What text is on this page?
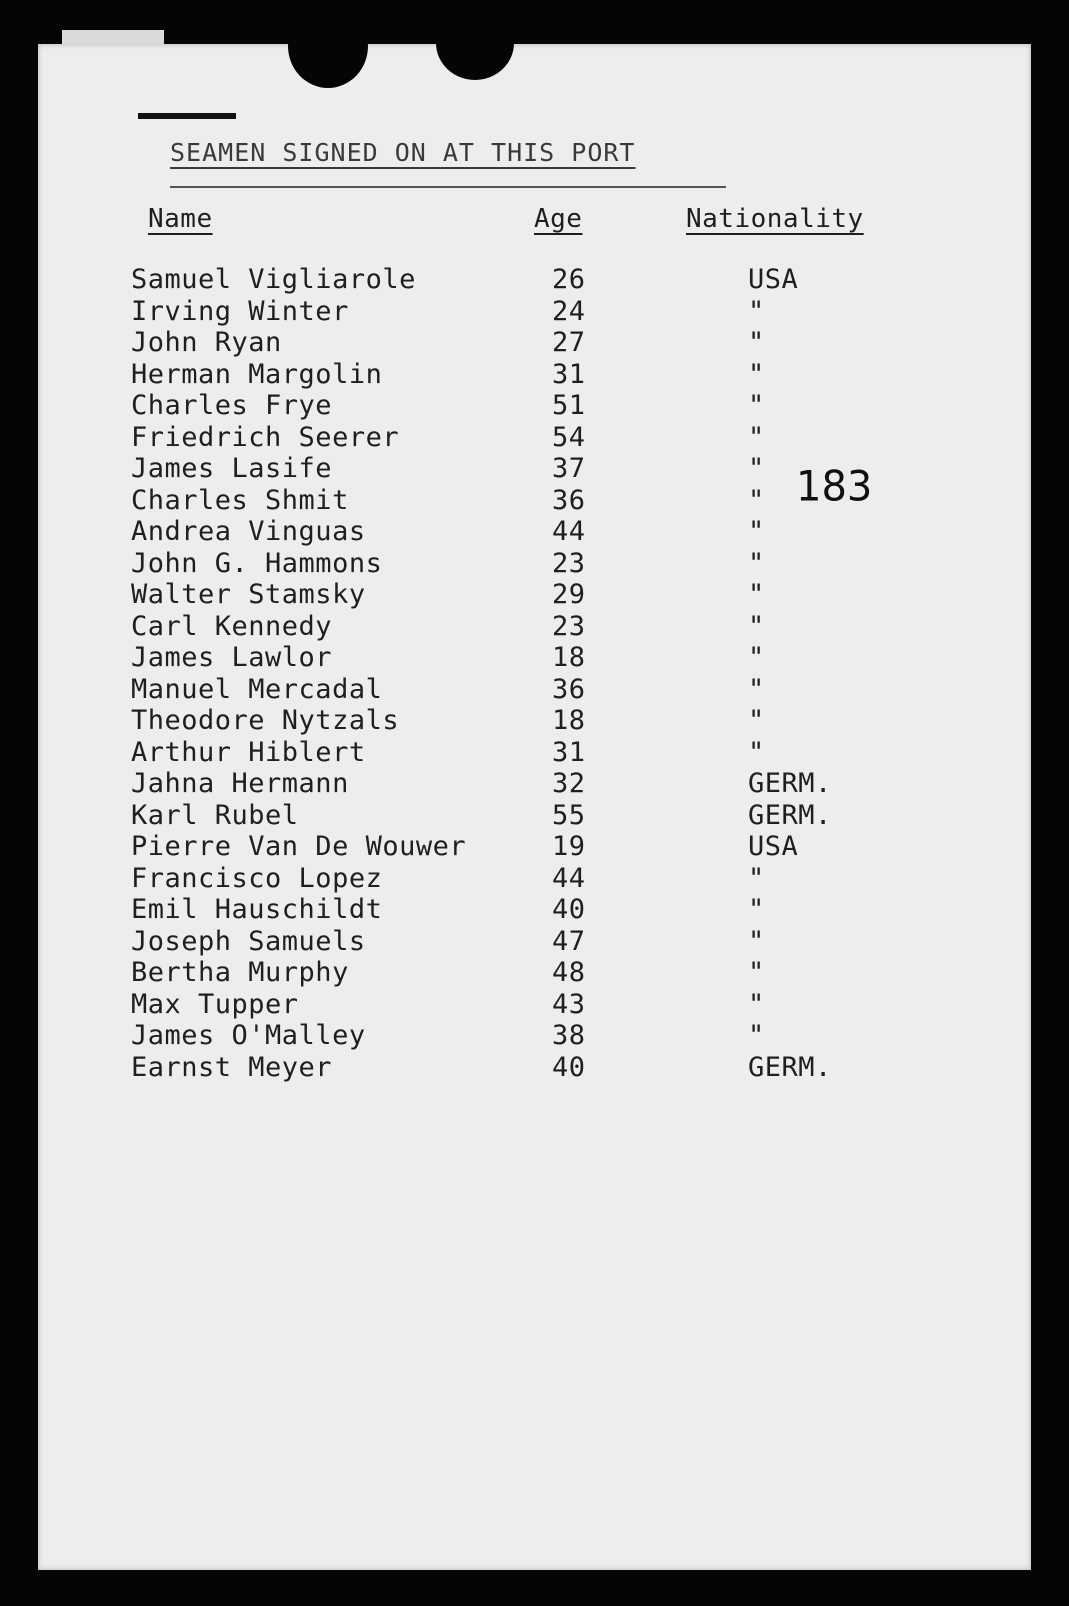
SEAMEN SIGNED ON AT THIS PORT
Name	Age	Nationality
Samuel Vigliarole	26	USA
Irving Winter	24	"
John Ryan	27	"
Herman Margolin	31	"
Charles Frye	51	"
Friedrich Seerer	54	"
James Lasife	37	"
Charles Shmit	36	"
Andrea Vinguas	44	"
John G. Hammons	23	"
Walter Stamsky	29	"
Carl Kennedy	23	"
James Lawlor	18	"
Manuel Mercadal	36	"
Theodore Nytzals	18	"
Arthur Hiblert	31	"
Jahna Hermann	32	GERM.
Karl Rubel	55	GERM.
Pierre Van De Wouwer	19	USA
Francisco Lopez	44	"
Emil Hauschildt	40	"
Joseph Samuels	47	"
Bertha Murphy	48	"
Max Tupper	43	"
James O'Malley	38	"
Earnst Meyer	40	GERM.
183
